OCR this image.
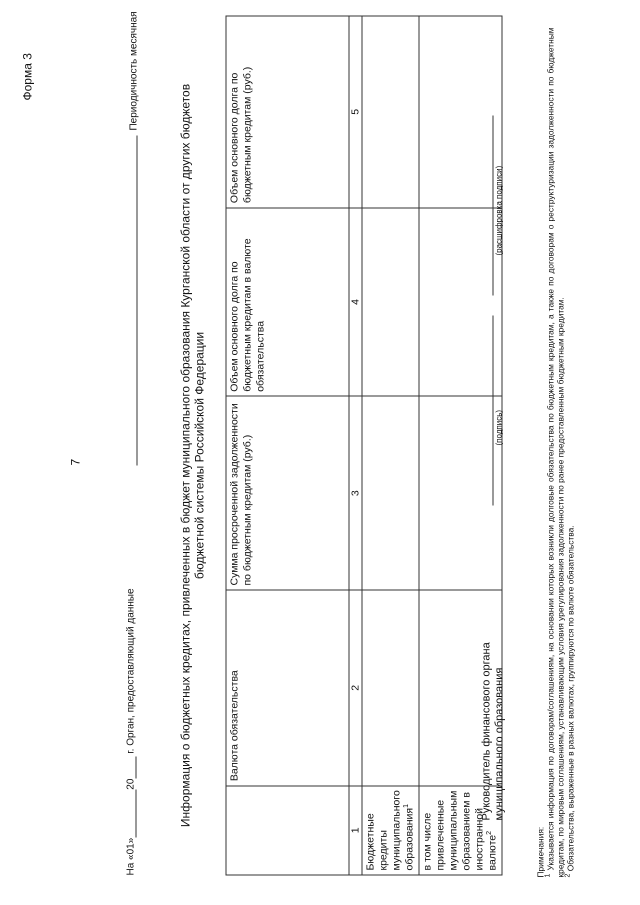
Форма 3
7
На «01»20 г. Орган, предоставляющий данные
Периодичность месячная
Информация о бюджетных кредитах, привлеченных в бюджет муниципального образования Курганской области от других бюджетов бюджетной системы Российской Федерации
	Валюта обязательства	Сумма просроченной задолженности по бюджетным кредитам (руб.)	Объем основного долга по бюджетным кредитам в валюте обязательства	Объем основного долга по бюджетным кредитам (руб.)
1	2	3	4	5
Бюджетные кредиты муниципального образования$^1$				
в том числе привлеченные муниципальным образованием в иностранной валюте$^2$				
Руководитель финансового органа муниципального образования
(подпись)
(расшифровка подписи)

Примечания: $^1$ Указывается информация по договорам/соглашениям, на основании которых возникли долговые обязательства по бюджетным кредитам, а также по договорам о реструктуризации задолженности по бюджетным кредитам, по мировым соглашениям, устанавливающим условия урегулирования задолженности по ранее предоставленным бюджетным кредитам. $^2$ Обязательства, выраженные в разных валютах, группируются по валюте обязательства.
